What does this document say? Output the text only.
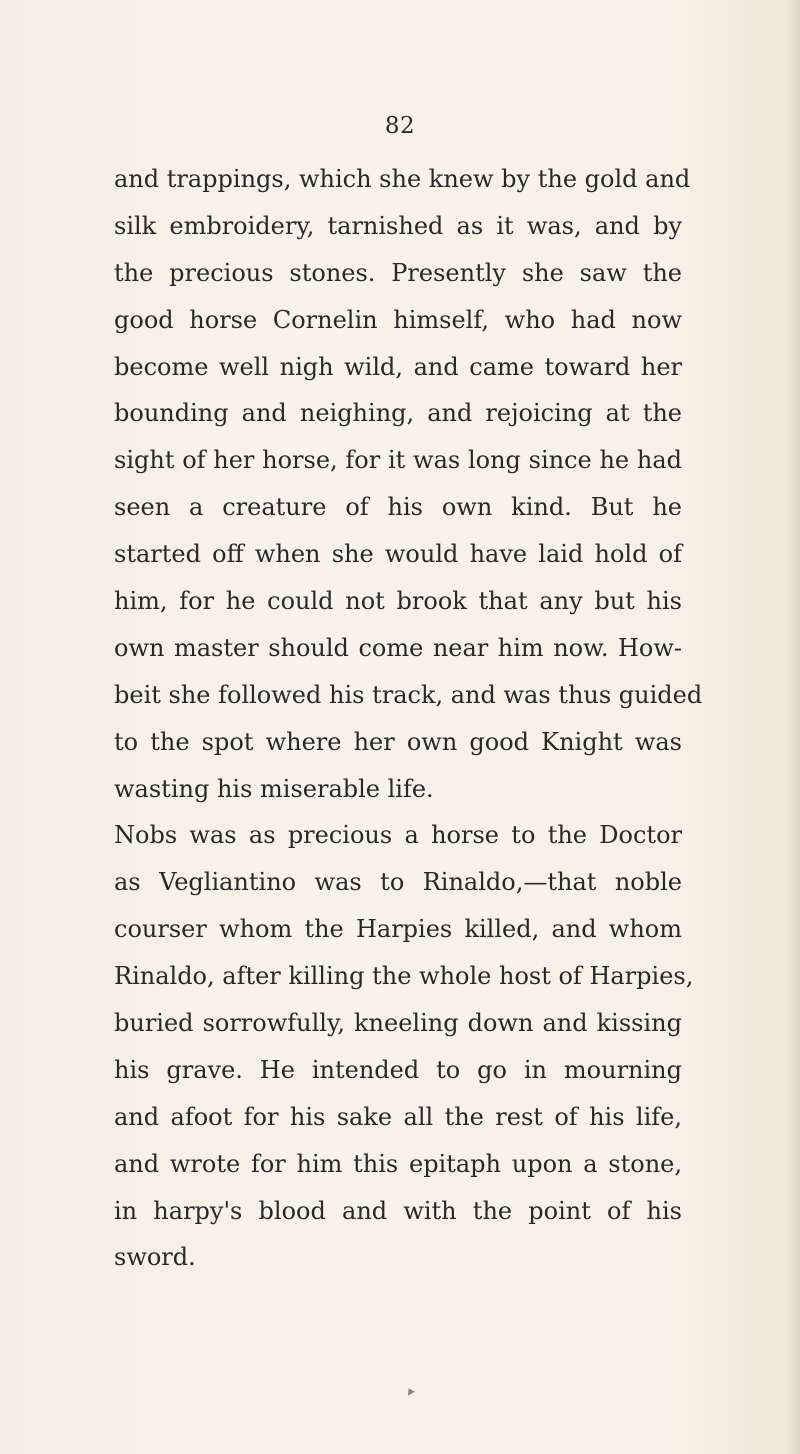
82
and trappings, which she knew by the gold and
silk embroidery, tarnished as it was, and by
the precious stones. Presently she saw the
good horse Cornelin himself, who had now
become well nigh wild, and came toward her
bounding and neighing, and rejoicing at the
sight of her horse, for it was long since he had
seen a creature of his own kind. But he
started off when she would have laid hold of
him, for he could not brook that any but his
own master should come near him now. How-
beit she followed his track, and was thus guided
to the spot where her own good Knight was
wasting his miserable life.
Nobs was as precious a horse to the Doctor
as Vegliantino was to Rinaldo,—that noble
courser whom the Harpies killed, and whom
Rinaldo, after killing the whole host of Harpies,
buried sorrowfully, kneeling down and kissing
his grave. He intended to go in mourning
and afoot for his sake all the rest of his life,
and wrote for him this epitaph upon a stone,
in harpy's blood and with the point of his
sword.
